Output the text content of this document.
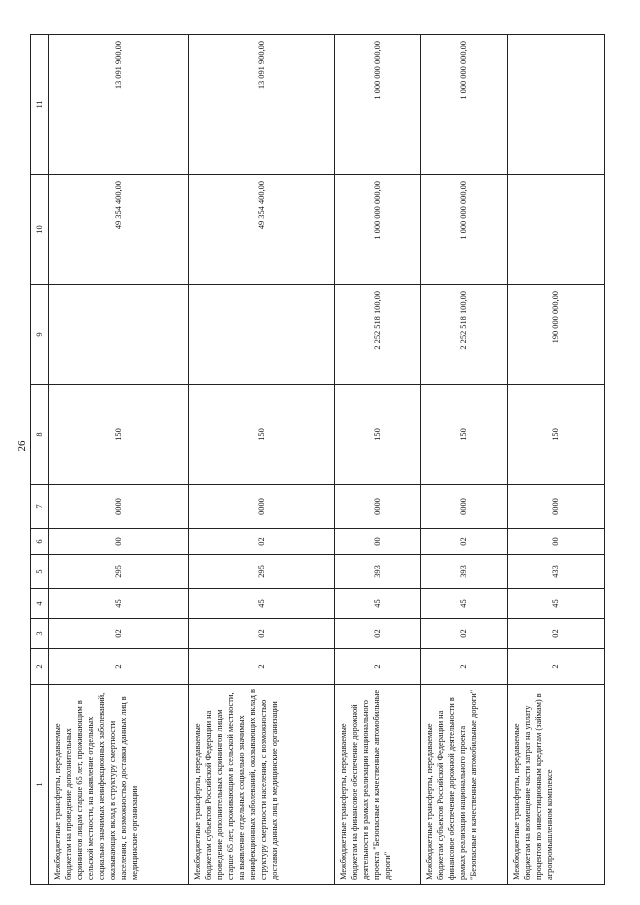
26
1	2	3	4	5	6	7	8	9	10	11
Межбюджетные трансферты, передаваемые бюджетам на проведение дополнительных скринингов лицам старше 65 лет, проживающим в сельской местности, на выявление отдельных социально значимых неинфекционных заболеваний, оказывающих вклад в структуру смертности населения, с возможностью доставки данных лиц в медицинские организации	2	02	45	295	00	0000	150		49 354 400,00	13 091 900,00
Межбюджетные трансферты, передаваемые бюджетам субъектов Российской Федерации на проведение дополнительных скринингов лицам старше 65 лет, проживающим в сельской местности, на выявление отдельных социально значимых неинфекционных заболеваний, оказывающих вклад в структуру смертности населения, с возможностью доставки данных лиц в медицинские организации	2	02	45	295	02	0000	150		49 354 400,00	13 091 900,00
Межбюджетные трансферты, передаваемые бюджетам на финансовое обеспечение дорожной деятельности в рамках реализации национального проекта "Безопасные и качественные автомобильные дороги"	2	02	45	393	00	0000	150	2 252 518 100,00	1 000 000 000,00	1 000 000 000,00
Межбюджетные трансферты, передаваемые бюджетам субъектов Российской Федерации на финансовое обеспечение дорожной деятельности в рамках реализации национального проекта "Безопасные и качественные автомобильные дороги"	2	02	45	393	02	0000	150	2 252 518 100,00	1 000 000 000,00	1 000 000 000,00
Межбюджетные трансферты, передаваемые бюджетам на возмещение части затрат на уплату процентов по инвестиционным кредитам (займам) в агропромышленном комплексе	2	02	45	433	00	0000	150	190 000 000,00		
